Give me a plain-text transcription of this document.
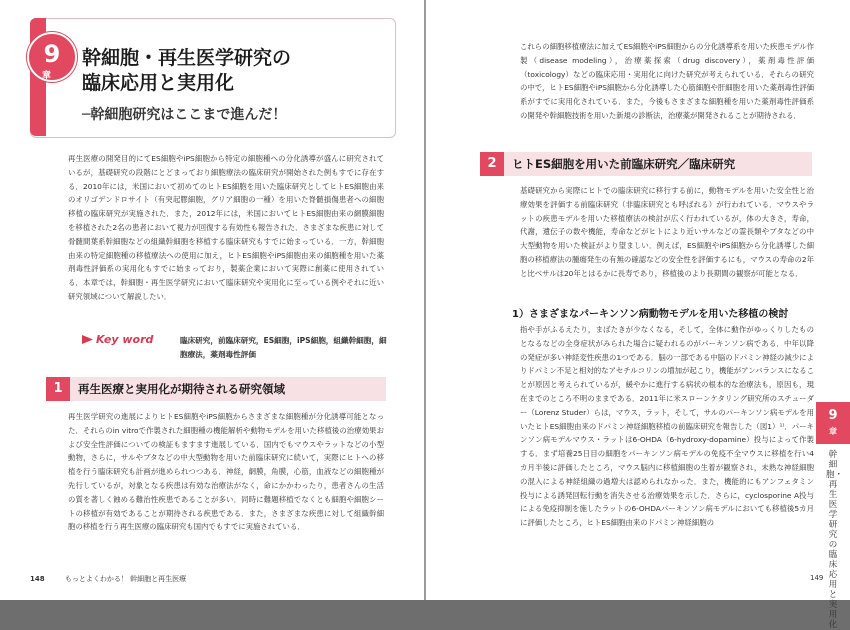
9
章
幹細胞・再生医学研究の
臨床応用と実用化
─幹細胞研究はここまで進んだ！
再生医療の開発目的にてES細胞やiPS細胞から特定の細胞種への分化誘導が盛んに研究されているが，基礎研究の段階にとどまっており細胞療法の臨床研究が開始された例もすでに存在する．2010年には，米国において初めてのヒトES細胞を用いた臨床研究としてヒトES細胞由来のオリゴデンドロサイト（有突起膠細胞，グリア細胞の一種）を用いた脊髄損傷患者への細胞移植の臨床研究が実施された．また，2012年には，米国においてヒトES細胞由来の網膜細胞を移植された2名の患者において視力が回復する有効性も報告された．さまざまな疾患に対して骨髄間葉系幹細胞などの組織幹細胞を移植する臨床研究もすでに始まっている．一方，幹細胞由来の特定細胞種の移植療法への使用に加え，ヒトES細胞やiPS細胞由来の細胞種を用いた薬剤毒性評価系の実用化もすでに始まっており，製薬企業において実際に創薬に使用されている．本章では，幹細胞・再生医学研究において臨床研究や実用化に至っている例やそれに近い研究領域について解説したい．
Key word	臨床研究，前臨床研究，ES細胞，iPS細胞，組織幹細胞，細胞療法，薬剤毒性評価
1	再生医療と実用化が期待される研究領域
再生医学研究の進展によりヒトES細胞やiPS細胞からさまざまな細胞種が分化誘導可能となった．それらのin vitroで作製された細胞種の機能解析や動物モデルを用いた移植後の治療効果および安全性評価についての検証もますます進展している．国内でもマウスやラットなどの小型動物，さらに，サルやブタなどの中大型動物を用いた前臨床研究に続いて，実際にヒトへの移植を行う臨床研究も計画が進められつつある．神経，網膜，角膜，心筋，血液などの細胞種が先行しているが，対象となる疾患は有効な治療法がなく，命にかかわったり，患者さんの生活の質を著しく蝕める難治性疾患であることが多い．同時に難題移植でなくとも細胞や細胞シートの移植が有効であることが期待される疾患である．また，さまざまな疾患に対して組織幹細胞の移植を行う再生医療の臨床研究も国内でもすでに実施されている．
148	もっとよくわかる！ 幹細胞と再生医療
これらの細胞移植療法に加えてES細胞やiPS細胞からの分化誘導系を用いた疾患モデル作製（disease modeling），治療薬探索（drug discovery），薬剤毒性評価（toxicology）などの臨床応用・実用化に向けた研究が考えられている．それらの研究の中で，ヒトES細胞やiPS細胞から分化誘導した心筋細胞や肝細胞を用いた薬剤毒性評価系がすでに実用化されている．また，今後もさまざまな細胞種を用いた薬剤毒性評価系の開発や幹細胞技術を用いた新規の診断法，治療薬が開発されることが期待される．
2	ヒトES細胞を用いた前臨床研究／臨床研究
基礎研究から実際にヒトでの臨床研究に移行する前に，動物モデルを用いた安全性と治療効果を評価する前臨床研究（非臨床研究とも呼ばれる）が行われている．マウスやラットの疾患モデルを用いた移植療法の検討が広く行われているが，体の大きさ，寿命，代謝，遺伝子の数や機能，寿命などがヒトにより近いサルなどの霊長類やブタなどの中大型動物を用いた検証がより望ましい．例えば，ES細胞やiPS細胞から分化誘導した細胞の移植療法の腫瘍発生の有無の確認などの安全性を評価するにも，マウスの寿命の2年と比べサルは20年とはるかに長寿であり，移植後のより長期間の観察が可能となる．
1）さまざまなパーキンソン病動物モデルを用いた移植の検討
指や手がふるえたり，まばたきが少なくなる，そして，全体に動作がゆっくりしたものとなるなどの全身症状がみられた場合に疑われるのがパーキンソン病である．中年以降の発症が多い神経変性疾患の1つである．脳の一部である中脳のドパミン神経の減少によりドパミン不足と相対的なアセチルコリンの増加が起こり，機能がアンバランスになることが原因と考えられているが，緩やかに進行する病状の根本的な治療法も，原因も，現在までのところ不明のままである．2011年に米スローンケタリング研究所のスチューダー（Lorenz Studer）らは，マウス，ラット，そして，サルのパーキンソン病モデルを用いたヒトES細胞由来のドパミン神経細胞移植の前臨床研究を報告した（図1）¹⁾．パーキンソン病モデルマウス・ラットは6-OHDA（6-hydroxy-dopamine）投与によって作製する．まず培養25日目の細胞をパーキンソン病モデルの免疫不全マウスに移植を行い4カ月半後に評価したところ，マウス脳内に移植細胞の生着が観察され，未熟な神経細胞の混入による神経組織の過増大は認められなかった．また，機能的にもアンフェタミン投与による誘発回転行動を消失させる治療効果を示した．さらに，cyclosporine A投与による免疫抑制を施したラットの6-OHDAパーキンソン病モデルにおいても移植後5カ月に評価したところ，ヒトES細胞由来のドパミン神経細胞の
9
章
幹細胞・再生医学研究の臨床応用と実用化
149
